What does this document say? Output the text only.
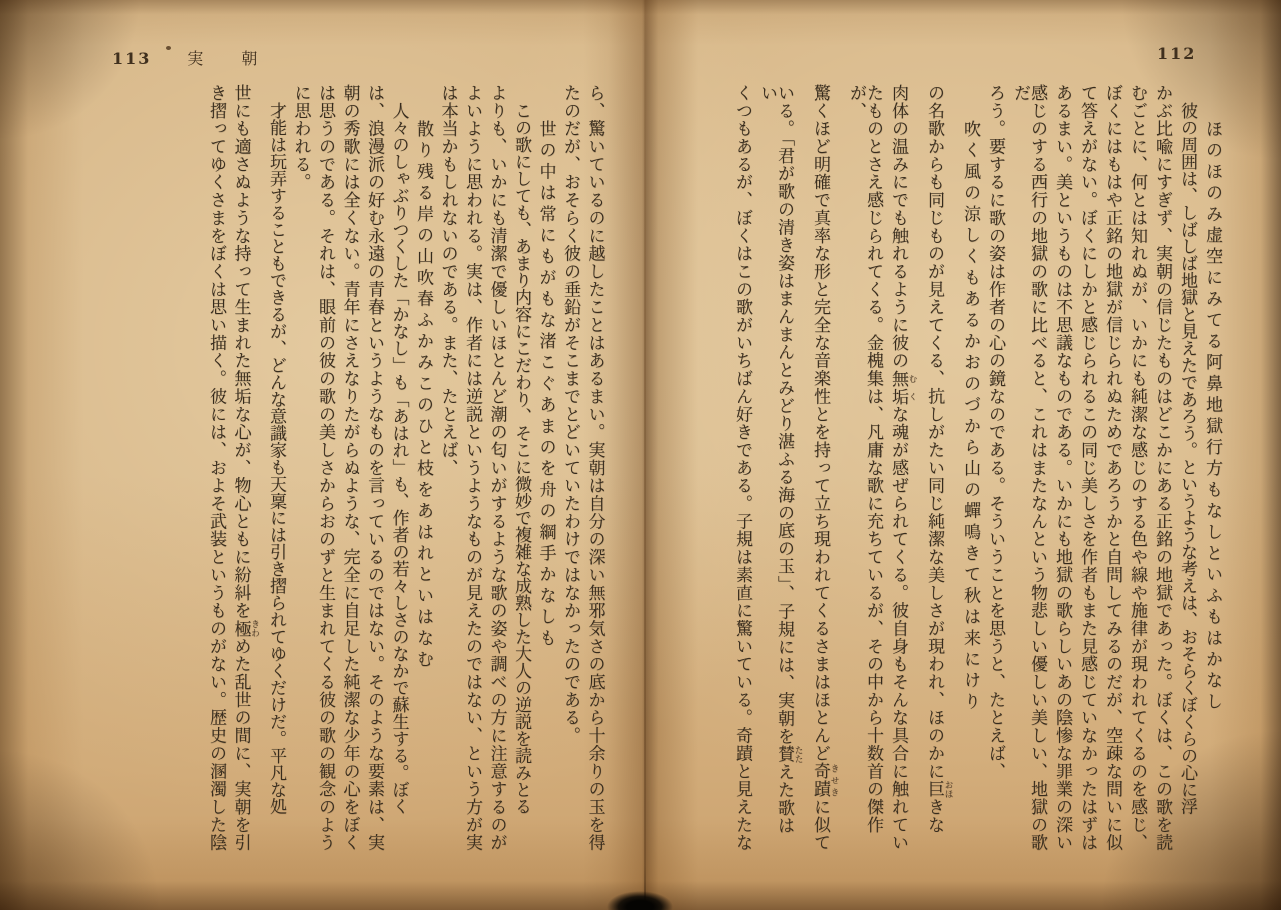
113 実朝
ら、驚いているのに越したことはあるまい。実朝は自分の深い無邪気さの底から十余りの玉を得
たのだが、おそらく彼の垂鉛がそこまでとどいていたわけではなかったのである。
世の中は常にもがもな渚こぐあまのを舟の綱手かなしも
この歌にしても、あまり内容にこだわり、そこに微妙で複雑な成熟した大人の逆説を読みとる
よりも、いかにも清潔で優しいほとんど潮の匂いがするような歌の姿や調べの方に注意するのが
よいように思われる。実は、作者には逆説というようなものが見えたのではない、という方が実
は本当かもしれないのである。また、たとえば、
散り残る岸の山吹春ふかみこのひと枝をあはれといはなむ
人々のしゃぶりつくした「かなし」も「あはれ」も、作者の若々しさのなかで蘇生する。ぼく
は、浪漫派の好む永遠の青春というようなものを言っているのではない。そのような要素は、実
朝の秀歌には全くない。青年にさえなりたがらぬような、完全に自足した純潔な少年の心をぼく
は思うのである。それは、眼前の彼の歌の美しさからおのずと生まれてくる彼の歌の観念のよう
に思われる。
才能は玩弄することもできるが、どんな意識家も天稟には引き摺られてゆくだけだ。平凡な処
世にも適さぬような持って生まれた無垢な心が、物心ともに紛糾を極 きわめた乱世の間に、実朝を引
き摺ってゆくさまをぼくは思い描く。彼には、およそ武装というものがない。歴史の溷濁した陰
112
ほのほのみ虚空にみてる阿鼻地獄行方もなしといふもはかなし
彼の周囲は、しばしば地獄と見えたであろう。というような考えは、おそらくぼくらの心に浮
かぶ比喩にすぎず、実朝の信じたものはどこかにある正銘の地獄であった。ぼくは、この歌を読
むごとに、何とは知れぬが、いかにも純潔な感じのする色や線や施律が現われてくるのを感じ、
ぼくにはもはや正銘の地獄が信じられぬためであろうかと自問してみるのだが、空疎な問いに似
て答えがない。ぼくにしかと感じられるこの同じ美しさを作者もまた見感じていなかったはずは
あるまい。美というものは不思議なものである。いかにも地獄の歌らしいあの陰惨な罪業の深い
感じのする西行の地獄の歌に比べると、これはまたなんという物悲しい優しい美しい、地獄の歌だ
ろう。要するに歌の姿は作者の心の鏡なのである。そういうことを思うと、たとえば、
吹く風の涼しくもあるかおのづから山の蟬鳴きて秋は来にけり
の名歌からも同じものが見えてくる、抗しがたい同じ純潔な美しさが現われ、ほのかに巨 おほきな
肉体の温みにでも触れるように彼の無垢 むくな魂が感ぜられてくる。彼自身もそんな具合に触れてい
たものとさえ感じられてくる。金槐集は、凡庸な歌に充ちているが、その中から十数首の傑作が、
驚くほど明確で真率な形と完全な音楽性とを持って立ち現われてくるさまはほとんど奇蹟 きせきに似て
いる。「君が歌の清き姿はまんまんとみどり湛ふる海の底の玉」、子規には、実朝を賛 たたえた歌はい
くつもあるが、ぼくはこの歌がいちばん好きである。子規は素直に驚いている。奇蹟と見えたな
